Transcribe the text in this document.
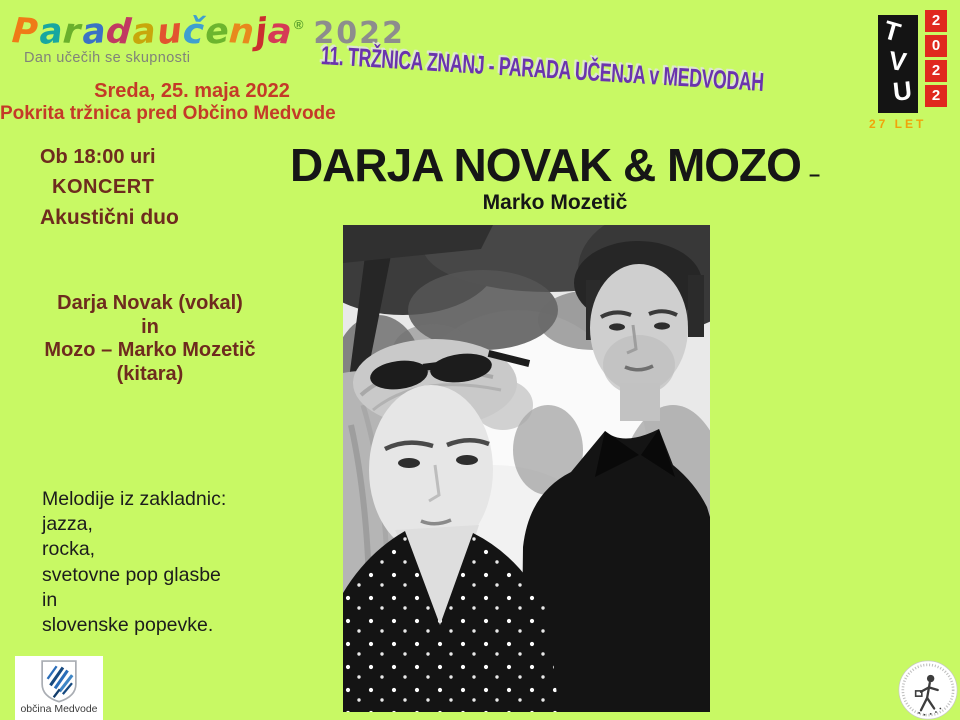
Paradaučenja® 2022
Dan učečih se skupnosti	11. TRŽNICA ZNANJ - PARADA UČENJA v MEDVODAH
Sreda, 25. maja 2022
Pokrita tržnica pred Občino Medvode
Ob 18:00 uri
KONCERT
Akustični duo
DARJA NOVAK & MOZO –
Marko Mozetič
Darja Novak (vokal)
in
Mozo – Marko Mozetič
(kitara)
Melodije iz zakladnic:
jazza,
rocka,
svetovne pop glasbe
in
slovenske popevke.
T
V
U
2
0
2
2
27 LET
občina Medvode
